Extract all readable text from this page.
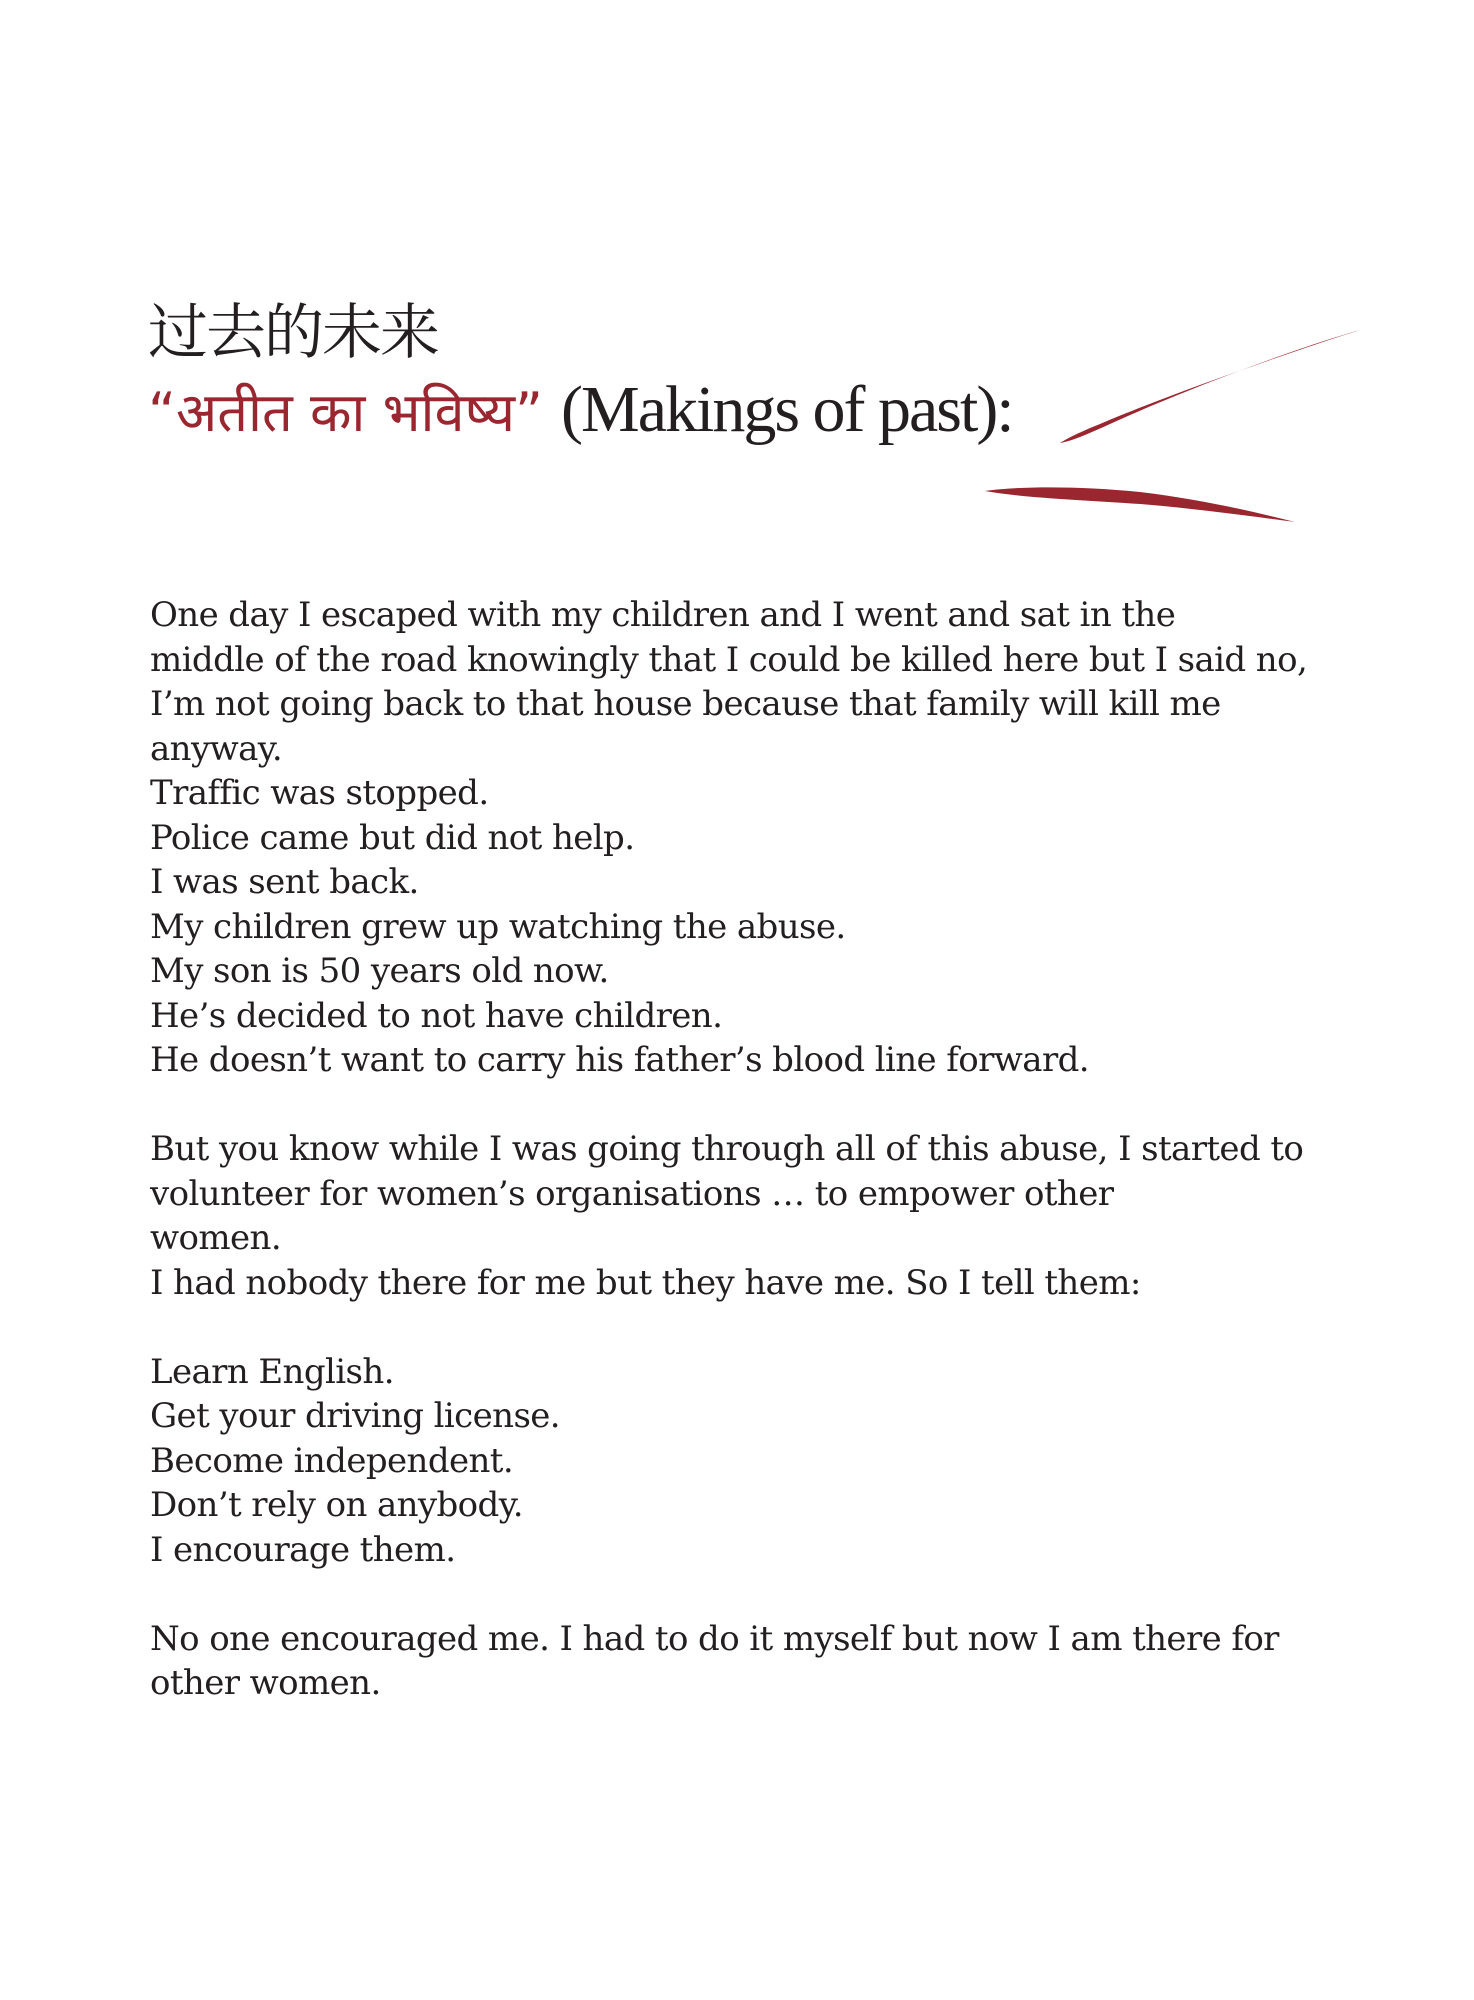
过去的未来
“अतीत का भविष्य” (Makings of past):
One day I escaped with my children and I went and sat in the
middle of the road knowingly that I could be killed here but I said no,
I’m not going back to that house because that family will kill me
anyway.
Traffic was stopped.
Police came but did not help.
I was sent back.
My children grew up watching the abuse.
My son is 50 years old now.
He’s decided to not have children.
He doesn’t want to carry his father’s blood line forward.
But you know while I was going through all of this abuse, I started to
volunteer for women’s organisations … to empower other
women.
I had nobody there for me but they have me. So I tell them:
Learn English.
Get your driving license.
Become independent.
Don’t rely on anybody.
I encourage them.
No one encouraged me. I had to do it myself but now I am there for
other women.
